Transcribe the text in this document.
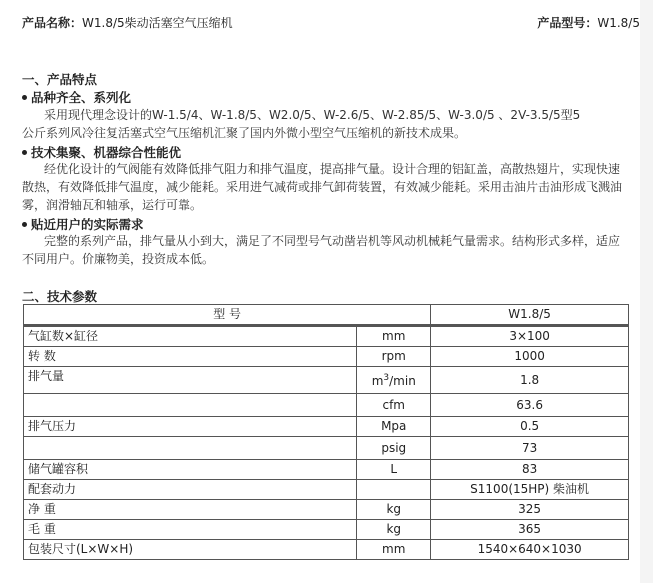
产品名称：W1.8/5柴动活塞空气压缩机	产品型号：W1.8/5
一、产品特点
品种齐全、系列化
采用现代理念设计的W-1.5/4、W-1.8/5、W2.0/5、W-2.6/5、W-2.85/5、W-3.0/5 、2V-3.5/5型5
公斤系列风冷往复活塞式空气压缩机汇聚了国内外微小型空气压缩机的新技术成果。
技术集聚、机器综合性能优
经优化设计的气阀能有效降低排气阻力和排气温度，提高排气量。设计合理的铝缸盖，高散热翅片，实现快速
散热，有效降低排气温度，减少能耗。采用进气减荷或排气卸荷装置，有效减少能耗。采用击油片击油形成飞溅油
雾，润滑轴瓦和轴承，运行可靠。
贴近用户的实际需求
完整的系列产品，排气量从小到大，满足了不同型号气动凿岩机等风动机械耗气量需求。结构形式多样，适应
不同用户。价廉物美，投资成本低。
二、技术参数
型 号		W1.8/5
气缸数×缸径	mm	3×100
转 数	rpm	1000
排气量	$m^3/\min$	1.8
	cfm	63.6
排气压力	Mpa	0.5
	psig	73
储气罐容积	L	83
配套动力		S1100(15HP) 柴油机
净 重	kg	325
毛 重	kg	365
包装尺寸(L×W×H)	mm	1540×640×1030
